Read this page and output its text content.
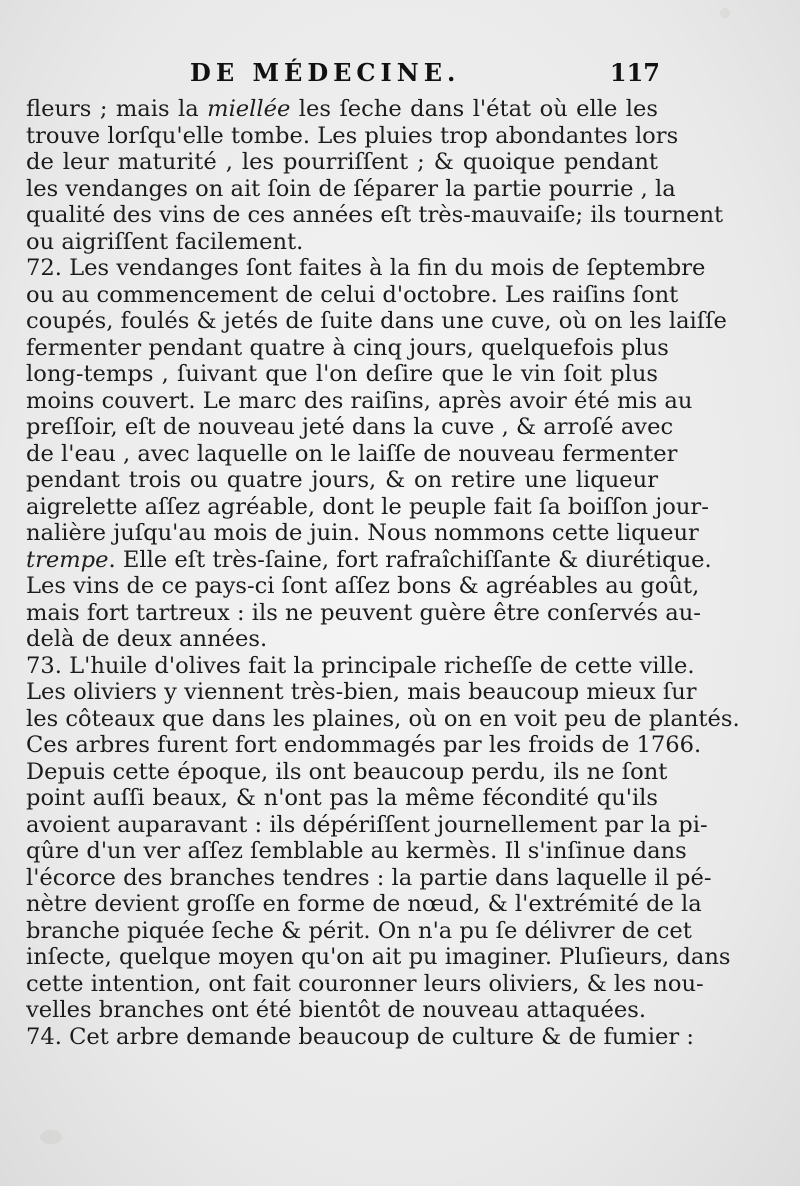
DE MÉDECINE.	117
ﬂeurs ; mais la miellée les ſeche dans l'état où elle les
trouve lorſqu'elle tombe. Les pluies trop abondantes lors
de leur maturité , les pourriſſent ; & quoique pendant
les vendanges on ait ſoin de ſéparer la partie pourrie , la
qualité des vins de ces années eſt très-mauvaiſe; ils tournent
ou aigriſſent facilement.
72. Les vendanges ſont faites à la ﬁn du mois de ſeptembre
ou au commencement de celui d'octobre. Les raiſins ſont
coupés, foulés & jetés de ſuite dans une cuve, où on les laiſſe
fermenter pendant quatre à cinq jours, quelquefois plus
long-temps , ſuivant que l'on deſire que le vin ſoit plus
moins couvert. Le marc des raiſins, après avoir été mis au
preſſoir, eſt de nouveau jeté dans la cuve , & arroſé avec
de l'eau , avec laquelle on le laiſſe de nouveau fermenter
pendant trois ou quatre jours, & on retire une liqueur
aigrelette aſſez agréable, dont le peuple fait ſa boiſſon jour-
nalière juſqu'au mois de juin. Nous nommons cette liqueur
trempe. Elle eſt très-ſaine, fort rafraîchiſſante & diurétique.
Les vins de ce pays-ci ſont aſſez bons & agréables au goût,
mais fort tartreux : ils ne peuvent guère être conſervés au-
delà de deux années.
73. L'huile d'olives fait la principale richeſſe de cette ville.
Les oliviers y viennent très-bien, mais beaucoup mieux ſur
les côteaux que dans les plaines, où on en voit peu de plantés.
Ces arbres furent fort endommagés par les froids de 1766.
Depuis cette époque, ils ont beaucoup perdu, ils ne ſont
point auſſi beaux, & n'ont pas la même fécondité qu'ils
avoient auparavant : ils dépériſſent journellement par la pi-
qûre d'un ver aſſez ſemblable au kermès. Il s'inſinue dans
l'écorce des branches tendres : la partie dans laquelle il pé-
nètre devient groſſe en forme de nœud, & l'extrémité de la
branche piquée ſeche & périt. On n'a pu ſe délivrer de cet
inſecte, quelque moyen qu'on ait pu imaginer. Pluſieurs, dans
cette intention, ont fait couronner leurs oliviers, & les nou-
velles branches ont été bientôt de nouveau attaquées.
74. Cet arbre demande beaucoup de culture & de fumier :
